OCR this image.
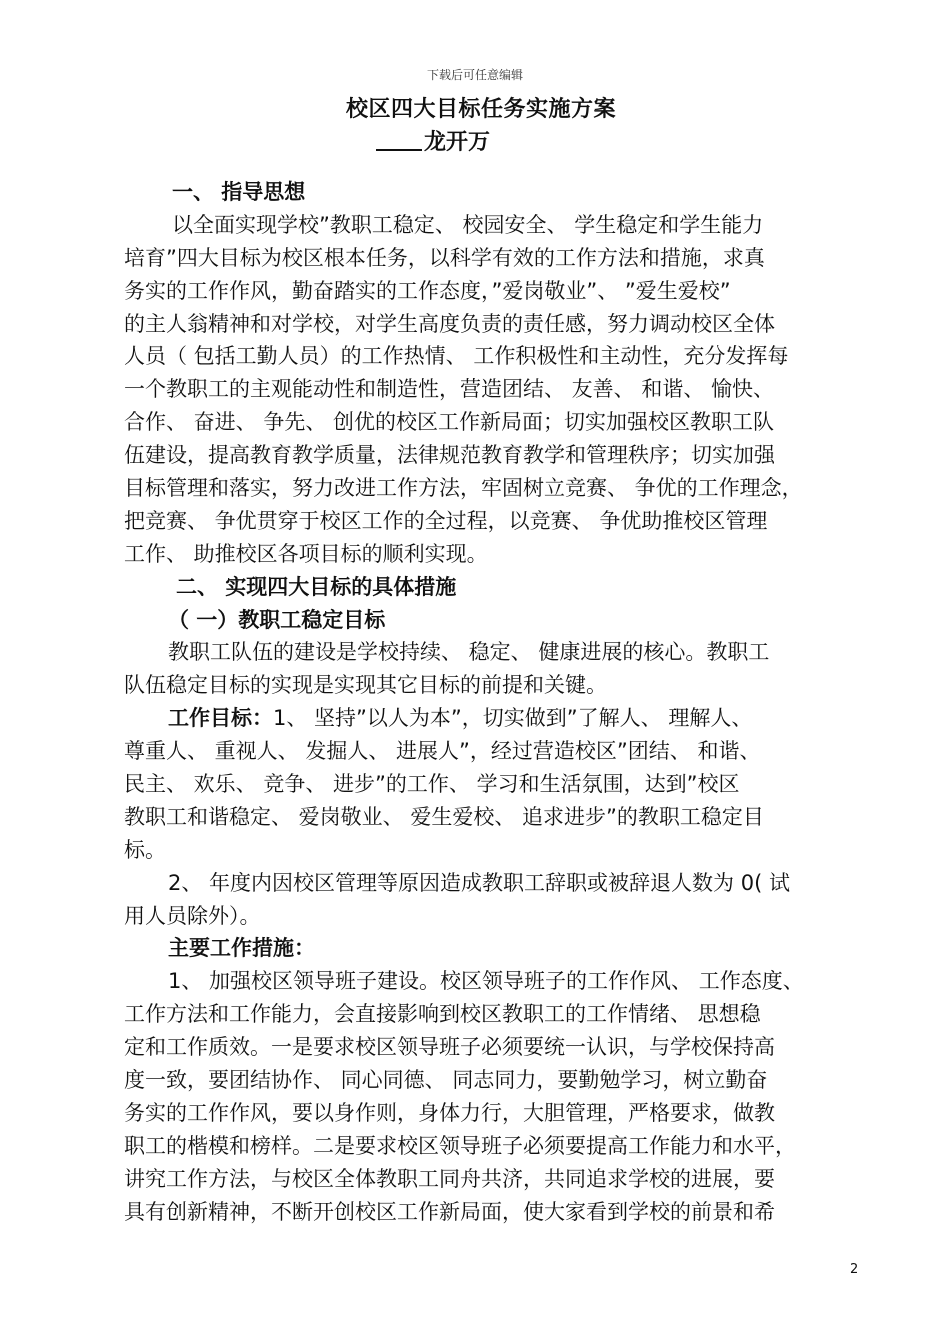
下载后可任意编辑
校区四大目标任务实施方案
龙开万
一、 指导思想
以全面实现学校”教职工稳定、 校园安全、 学生稳定和学生能力
培育”四大目标为校区根本任务，以科学有效的工作方法和措施，求真
务实的工作作风，勤奋踏实的工作态度，”爱岗敬业”、 ”爱生爱校”
的主人翁精神和对学校，对学生高度负责的责任感，努力调动校区全体
人员（ 包括工勤人员）的工作热情、 工作积极性和主动性，充分发挥每
一个教职工的主观能动性和制造性，营造团结、 友善、 和谐、 愉快、
合作、 奋进、 争先、 创优的校区工作新局面；切实加强校区教职工队
伍建设，提高教育教学质量，法律规范教育教学和管理秩序；切实加强
目标管理和落实，努力改进工作方法，牢固树立竞赛、 争优的工作理念，
把竞赛、 争优贯穿于校区工作的全过程，以竞赛、 争优助推校区管理
工作、 助推校区各项目标的顺利实现。
二、 实现四大目标的具体措施
（ 一）教职工稳定目标
教职工队伍的建设是学校持续、 稳定、 健康进展的核心。教职工
队伍稳定目标的实现是实现其它目标的前提和关键。
工作目标：1、 坚持”以人为本”，切实做到”了解人、 理解人、
尊重人、 重视人、 发掘人、 进展人”，经过营造校区”团结、 和谐、
民主、 欢乐、 竞争、 进步”的工作、 学习和生活氛围，达到”校区
教职工和谐稳定、 爱岗敬业、 爱生爱校、 追求进步”的教职工稳定目
标。
2、 年度内因校区管理等原因造成教职工辞职或被辞退人数为 0( 试
用人员除外）。
主要工作措施：
1、 加强校区领导班子建设。校区领导班子的工作作风、 工作态度、
工作方法和工作能力，会直接影响到校区教职工的工作情绪、 思想稳
定和工作质效。一是要求校区领导班子必须要统一认识，与学校保持高
度一致，要团结协作、 同心同德、 同志同力，要勤勉学习，树立勤奋
务实的工作作风，要以身作则，身体力行，大胆管理，严格要求，做教
职工的楷模和榜样。二是要求校区领导班子必须要提高工作能力和水平，
讲究工作方法，与校区全体教职工同舟共济，共同追求学校的进展，要
具有创新精神，不断开创校区工作新局面，使大家看到学校的前景和希
2
